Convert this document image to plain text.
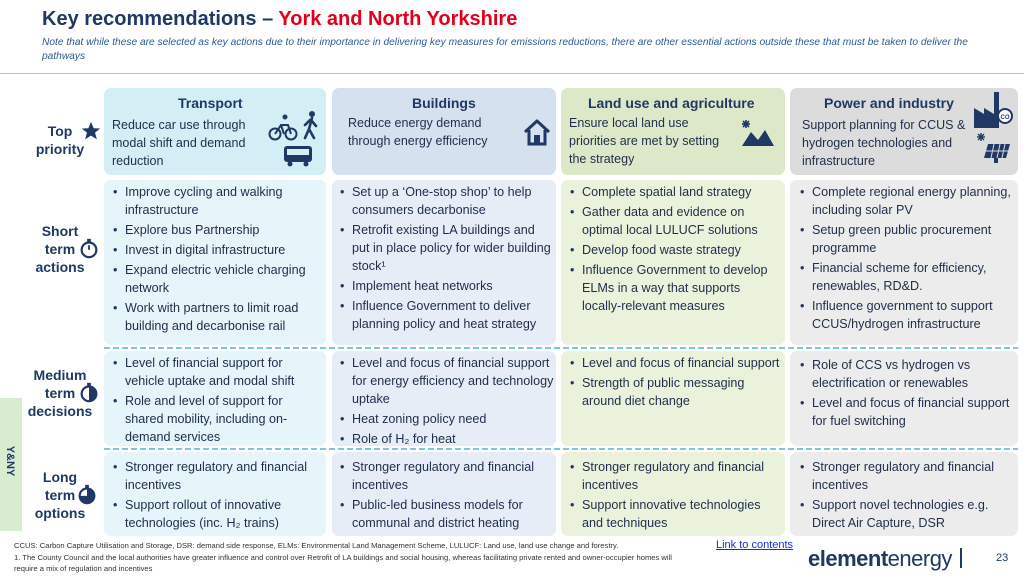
Key recommendations – York and North Yorkshire
Note that while these are selected as key actions due to their importance in delivering key measures for emissions reductions, there are other essential actions outside these that must be taken to deliver the pathways
Y&NY
Top
priority
Short
term
actions
Medium
term
decisions
Long
term
options
Transport
Reduce car use through modal shift and demand reduction
• Improve cycling and walking infrastructure
• Explore bus Partnership
• Invest in digital infrastructure
• Expand electric vehicle charging network
• Work with partners to limit road building and decarbonise rail
• Level of financial support for vehicle uptake and modal shift
• Role and level of support for shared mobility, including on-demand services
• Stronger regulatory and financial incentives
• Support rollout of innovative technologies (inc. H₂ trains)
Buildings
Reduce energy demand through energy efficiency
• Set up a ‘One-stop shop’ to help consumers decarbonise
• Retrofit existing LA buildings and put in place policy for wider building stock¹
• Implement heat networks
• Influence Government to deliver planning policy and heat strategy
• Level and focus of financial support for energy efficiency and technology uptake
• Heat zoning policy need
• Role of H₂ for heat
• Stronger regulatory and financial incentives
• Public-led business models for communal and district heating
Land use and agriculture
Ensure local land use priorities are met by setting the strategy
• Complete spatial land strategy
• Gather data and evidence on optimal local LULUCF solutions
• Develop food waste strategy
• Influence Government to develop ELMs in a way that supports locally-relevant measures
• Level and focus of financial support
• Strength of public messaging around diet change
• Stronger regulatory and financial incentives
• Support innovative technologies and techniques
Power and industry
Support planning for CCUS & hydrogen technologies and infrastructure
CO
• Complete regional energy planning, including solar PV
• Setup green public procurement programme
• Financial scheme for efficiency, renewables, RD&D.
• Influence government to support CCUS/hydrogen infrastructure
• Role of CCS vs hydrogen vs electrification or renewables
• Level and focus of financial support for fuel switching
• Stronger regulatory and financial incentives
• Support novel technologies e.g. Direct Air Capture, DSR
CCUS: Carbon Capture Utilisation and Storage, DSR: demand side response, ELMs: Environmental Land Management Scheme, LULUCF: Land use, land use change and forestry.
1. The County Council and the local authorities have greater influence and control over Retrofit of LA buildings and social housing, whereas facilitating private rented and owner-occupier homes will
require a mix of regulation and incentives
Link to contents
elementenergy	23
